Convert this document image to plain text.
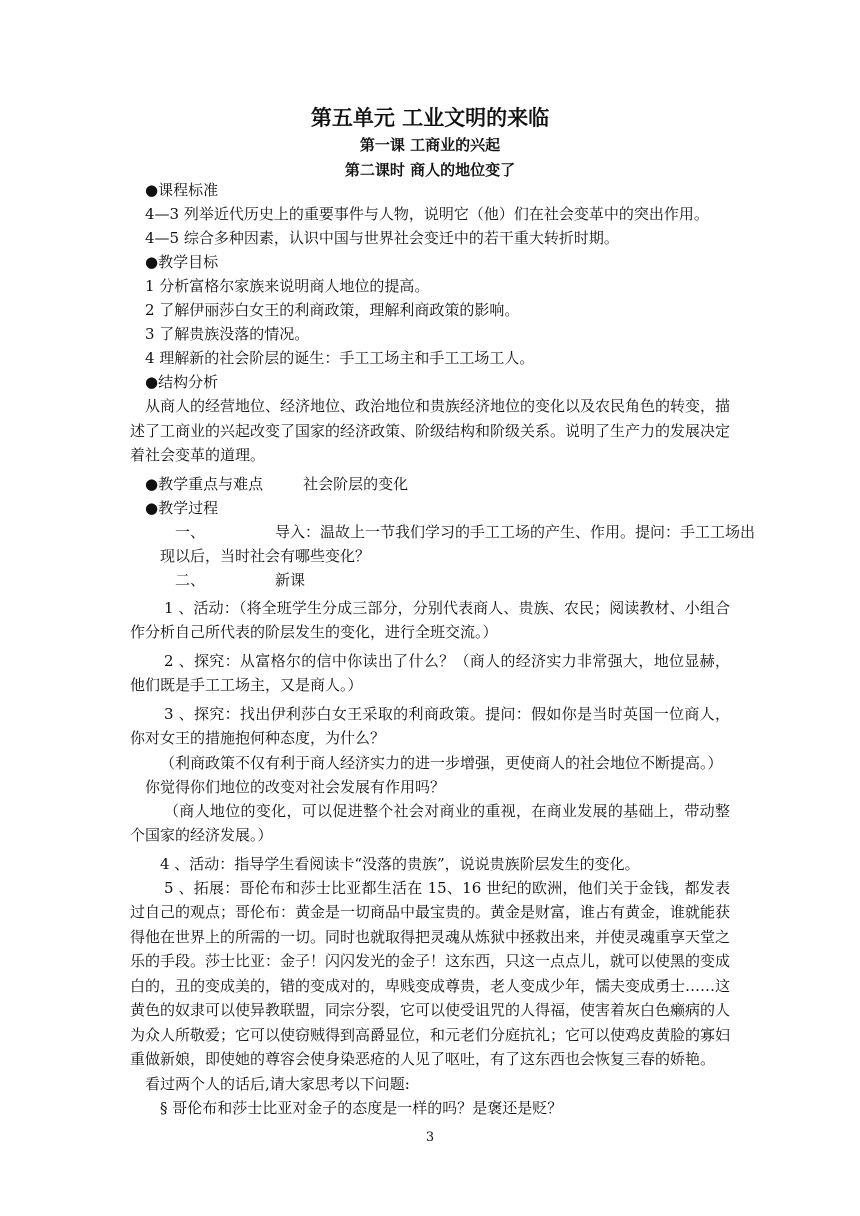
第五单元 工业文明的来临
第一课 工商业的兴起
第二课时 商人的地位变了
●课程标准
4—3 列举近代历史上的重要事件与人物，说明它（他）们在社会变革中的突出作用。
4—5 综合多种因素，认识中国与世界社会变迁中的若干重大转折时期。
●教学目标
1 分析富格尔家族来说明商人地位的提高。
2 了解伊丽莎白女王的利商政策，理解利商政策的影响。
3 了解贵族没落的情况。
4 理解新的社会阶层的诞生：手工工场主和手工工场工人。
●结构分析
从商人的经营地位、经济地位、政治地位和贵族经济地位的变化以及农民角色的转变，描述了工商业的兴起改变了国家的经济政策、阶级结构和阶级关系。说明了生产力的发展决定着社会变革的道理。
●教学重点与难点	社会阶层的变化
●教学过程
一、	导入：温故上一节我们学习的手工工场的产生、作用。提问：手工工场出
现以后，当时社会有哪些变化？
二、	新课
1 、活动：（将全班学生分成三部分，分别代表商人、贵族、农民；阅读教材、小组合作分析自己所代表的阶层发生的变化，进行全班交流。）
2 、探究：从富格尔的信中你读出了什么？（商人的经济实力非常强大，地位显赫，他们既是手工工场主，又是商人。）
3 、探究：找出伊利莎白女王采取的利商政策。提问：假如你是当时英国一位商人，你对女王的措施抱何种态度，为什么？
（利商政策不仅有利于商人经济实力的进一步增强，更使商人的社会地位不断提高。）
你觉得你们地位的改变对社会发展有作用吗？
（商人地位的变化，可以促进整个社会对商业的重视，在商业发展的基础上，带动整个国家的经济发展。）
4 、活动：指导学生看阅读卡“没落的贵族”，说说贵族阶层发生的变化。
5 、拓展：哥伦布和莎士比亚都生活在 15、16 世纪的欧洲，他们关于金钱，都发表过自己的观点；哥伦布：黄金是一切商品中最宝贵的。黄金是财富，谁占有黄金，谁就能获得他在世界上的所需的一切。同时也就取得把灵魂从炼狱中拯救出来，并使灵魂重享天堂之乐的手段。莎士比亚：金子！闪闪发光的金子！这东西，只这一点点儿，就可以使黑的变成白的，丑的变成美的，错的变成对的，卑贱变成尊贵，老人变成少年，懦夫变成勇士……这黄色的奴隶可以使异教联盟，同宗分裂，它可以使受诅咒的人得福，使害着灰白色癞病的人为众人所敬爱；它可以使窃贼得到高爵显位，和元老们分庭抗礼；它可以使鸡皮黄脸的寡妇重做新娘，即使她的尊容会使身染恶疮的人见了呕吐，有了这东西也会恢复三春的娇艳。
看过两个人的话后,请大家思考以下问题:
§ 哥伦布和莎士比亚对金子的态度是一样的吗？是褒还是贬？
3
